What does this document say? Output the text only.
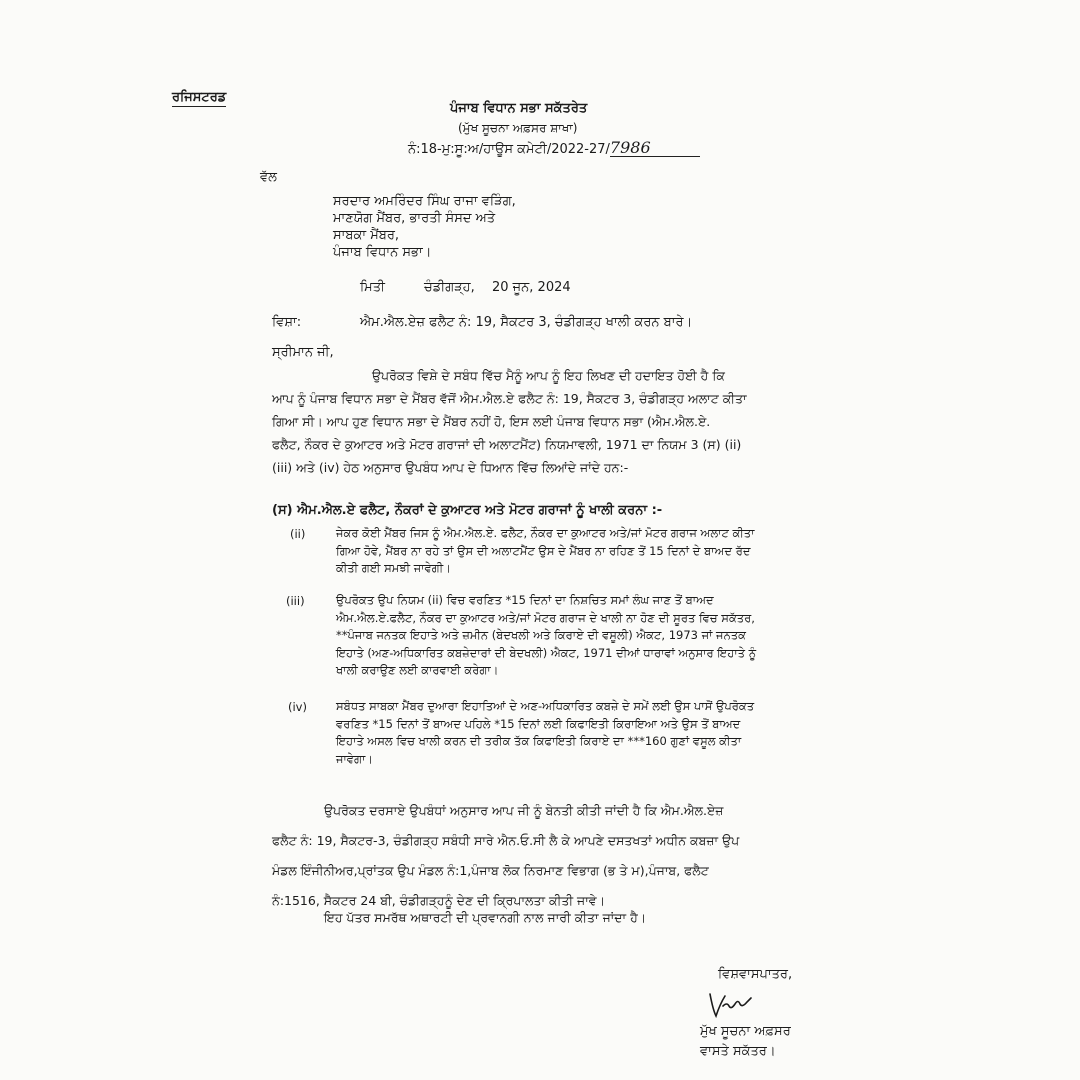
ਰਜਿਸਟਰਡ
ਪੰਜਾਬ ਵਿਧਾਨ ਸਭਾ ਸਕੱਤਰੇਤ
(ਮੁੱਖ ਸੂਚਨਾ ਅਫ਼ਸਰ ਸ਼ਾਖਾ)
ਨੰ:18-ਮੁ:ਸੂ:ਅ/ਹਾਊਸ ਕਮੇਟੀ/2022-27/7986
ਵੱਲ
ਸਰਦਾਰ ਅਮਰਿੰਦਰ ਸਿੰਘ ਰਾਜਾ ਵੜਿੰਗ,
ਮਾਣਯੋਗ ਮੈਂਬਰ, ਭਾਰਤੀ ਸੰਸਦ ਅਤੇ
ਸਾਬਕਾ ਮੈਂਬਰ,
ਪੰਜਾਬ ਵਿਧਾਨ ਸਭਾ।
ਮਿਤੀ	ਚੰਡੀਗੜ੍ਹ, 20 ਜੂਨ, 2024
ਵਿਸ਼ਾ:	ਐਮ.ਐਲ.ਏਜ਼ ਫਲੈਟ ਨੰ: 19, ਸੈਕਟਰ 3, ਚੰਡੀਗੜ੍ਹ ਖਾਲੀ ਕਰਨ ਬਾਰੇ।
ਸ੍ਰੀਮਾਨ ਜੀ,
ਉਪਰੋਕਤ ਵਿਸ਼ੇ ਦੇ ਸਬੰਧ ਵਿੱਚ ਮੈਨੂੰ ਆਪ ਨੂੰ ਇਹ ਲਿਖਣ ਦੀ ਹਦਾਇਤ ਹੋਈ ਹੈ ਕਿ
ਆਪ ਨੂੰ ਪੰਜਾਬ ਵਿਧਾਨ ਸਭਾ ਦੇ ਮੈਂਬਰ ਵੱਜੋਂ ਐਮ.ਐਲ.ਏ ਫਲੈਟ ਨੰ: 19, ਸੈਕਟਰ 3, ਚੰਡੀਗੜ੍ਹ ਅਲਾਟ ਕੀਤਾ
ਗਿਆ ਸੀ। ਆਪ ਹੁਣ ਵਿਧਾਨ ਸਭਾ ਦੇ ਮੈਂਬਰ ਨਹੀਂ ਹੋ, ਇਸ ਲਈ ਪੰਜਾਬ ਵਿਧਾਨ ਸਭਾ (ਐਮ.ਐਲ.ਏ.
ਫਲੈਟ, ਨੌਕਰ ਦੇ ਕੁਆਟਰ ਅਤੇ ਮੋਟਰ ਗਰਾਜਾਂ ਦੀ ਅਲਾਟਮੈਂਟ) ਨਿਯਮਾਵਲੀ, 1971 ਦਾ ਨਿਯਮ 3 (ਸ) (ii)
(iii) ਅਤੇ (iv) ਹੇਠ ਅਨੁਸਾਰ ਉਪਬੰਧ ਆਪ ਦੇ ਧਿਆਨ ਵਿੱਚ ਲਿਆਂਦੇ ਜਾਂਦੇ ਹਨ:-
(ਸ) ਐਮ.ਐਲ.ਏ ਫਲੈਟ, ਨੌਕਰਾਂ ਦੇ ਕੁਆਟਰ ਅਤੇ ਮੋਟਰ ਗਰਾਜਾਂ ਨੂੰ ਖਾਲੀ ਕਰਨਾ :-
(ii)	ਜੇਕਰ ਕੋਈ ਮੈਂਬਰ ਜਿਸ ਨੂੰ ਐਮ.ਐਲ.ਏ. ਫਲੈਟ, ਨੌਕਰ ਦਾ ਕੁਆਟਰ ਅਤੇ/ਜਾਂ ਮੋਟਰ ਗਰਾਜ ਅਲਾਟ ਕੀਤਾ
ਗਿਆ ਹੋਵੇ, ਮੈਂਬਰ ਨਾ ਰਹੇ ਤਾਂ ਉਸ ਦੀ ਅਲਾਟਮੈਂਟ ਉਸ ਦੇ ਮੈਂਬਰ ਨਾ ਰਹਿਣ ਤੋਂ 15 ਦਿਨਾਂ ਦੇ ਬਾਅਦ ਰੱਦ
ਕੀਤੀ ਗਈ ਸਮਝੀ ਜਾਵੇਗੀ।
(iii)	ਉਪਰੋਕਤ ਉਪ ਨਿਯਮ (ii) ਵਿਚ ਵਰਣਿਤ *15 ਦਿਨਾਂ ਦਾ ਨਿਸ਼ਚਿਤ ਸਮਾਂ ਲੰਘ ਜਾਣ ਤੋਂ ਬਾਅਦ
ਐਮ.ਐਲ.ਏ.ਫਲੈਟ, ਨੌਕਰ ਦਾ ਕੁਆਟਰ ਅਤੇ/ਜਾਂ ਮੋਟਰ ਗਰਾਜ ਦੇ ਖਾਲੀ ਨਾ ਹੋਣ ਦੀ ਸੂਰਤ ਵਿਚ ਸਕੱਤਰ,
**ਪੰਜਾਬ ਜਨਤਕ ਇਹਾਤੇ ਅਤੇ ਜ਼ਮੀਨ (ਬੇਦਖਲੀ ਅਤੇ ਕਿਰਾਏ ਦੀ ਵਸੂਲੀ) ਐਕਟ, 1973 ਜਾਂ ਜਨਤਕ
ਇਹਾਤੇ (ਅਣ-ਅਧਿਕਾਰਿਤ ਕਬਜ਼ੇਦਾਰਾਂ ਦੀ ਬੇਦਖਲੀ) ਐਕਟ, 1971 ਦੀਆਂ ਧਾਰਾਵਾਂ ਅਨੁਸਾਰ ਇਹਾਤੇ ਨੂੰ
ਖਾਲੀ ਕਰਾਉਣ ਲਈ ਕਾਰਵਾਈ ਕਰੇਗਾ।
(iv)	ਸਬੰਧਤ ਸਾਬਕਾ ਮੈਂਬਰ ਦੁਆਰਾ ਇਹਾਤਿਆਂ ਦੇ ਅਣ-ਅਧਿਕਾਰਿਤ ਕਬਜ਼ੇ ਦੇ ਸਮੇਂ ਲਈ ਉਸ ਪਾਸੋਂ ਉਪਰੋਕਤ
ਵਰਣਿਤ *15 ਦਿਨਾਂ ਤੋਂ ਬਾਅਦ ਪਹਿਲੇ *15 ਦਿਨਾਂ ਲਈ ਕਿਫਾਇਤੀ ਕਿਰਾਇਆ ਅਤੇ ਉਸ ਤੋਂ ਬਾਅਦ
ਇਹਾਤੇ ਅਸਲ ਵਿਚ ਖਾਲੀ ਕਰਨ ਦੀ ਤਰੀਕ ਤੱਕ ਕਿਫਾਇਤੀ ਕਿਰਾਏ ਦਾ ***160 ਗੁਣਾਂ ਵਸੂਲ ਕੀਤਾ
ਜਾਵੇਗਾ।
ਉਪਰੋਕਤ ਦਰਸਾਏ ਉਪਬੰਧਾਂ ਅਨੁਸਾਰ ਆਪ ਜੀ ਨੂੰ ਬੇਨਤੀ ਕੀਤੀ ਜਾਂਦੀ ਹੈ ਕਿ ਐਮ.ਐਲ.ਏਜ਼
ਫਲੈਟ ਨੰ: 19, ਸੈਕਟਰ-3, ਚੰਡੀਗੜ੍ਹ ਸਬੰਧੀ ਸਾਰੇ ਐਨ.ਓ.ਸੀ ਲੈ ਕੇ ਆਪਣੇ ਦਸਤਖਤਾਂ ਅਧੀਨ ਕਬਜ਼ਾ ਉਪ
ਮੰਡਲ ਇੰਜੀਨੀਅਰ,ਪ੍ਰਾਂਤਕ ਉਪ ਮੰਡਲ ਨੰ:1,ਪੰਜਾਬ ਲੋਕ ਨਿਰਮਾਣ ਵਿਭਾਗ (ਭ ਤੇ ਮ),ਪੰਜਾਬ, ਫਲੈਟ
ਨੰ:1516, ਸੈਕਟਰ 24 ਬੀ, ਚੰਡੀਗੜ੍ਹਨੂੰ ਦੇਣ ਦੀ ਕ੍ਰਿਪਾਲਤਾ ਕੀਤੀ ਜਾਵੇ।
ਇਹ ਪੱਤਰ ਸਮਰੱਥ ਅਥਾਰਟੀ ਦੀ ਪ੍ਰਵਾਨਗੀ ਨਾਲ ਜਾਰੀ ਕੀਤਾ ਜਾਂਦਾ ਹੈ।
ਵਿਸ਼ਵਾਸਪਾਤਰ,
ਮੁੱਖ ਸੂਚਨਾ ਅਫ਼ਸਰ
ਵਾਸਤੇ ਸਕੱਤਰ।
